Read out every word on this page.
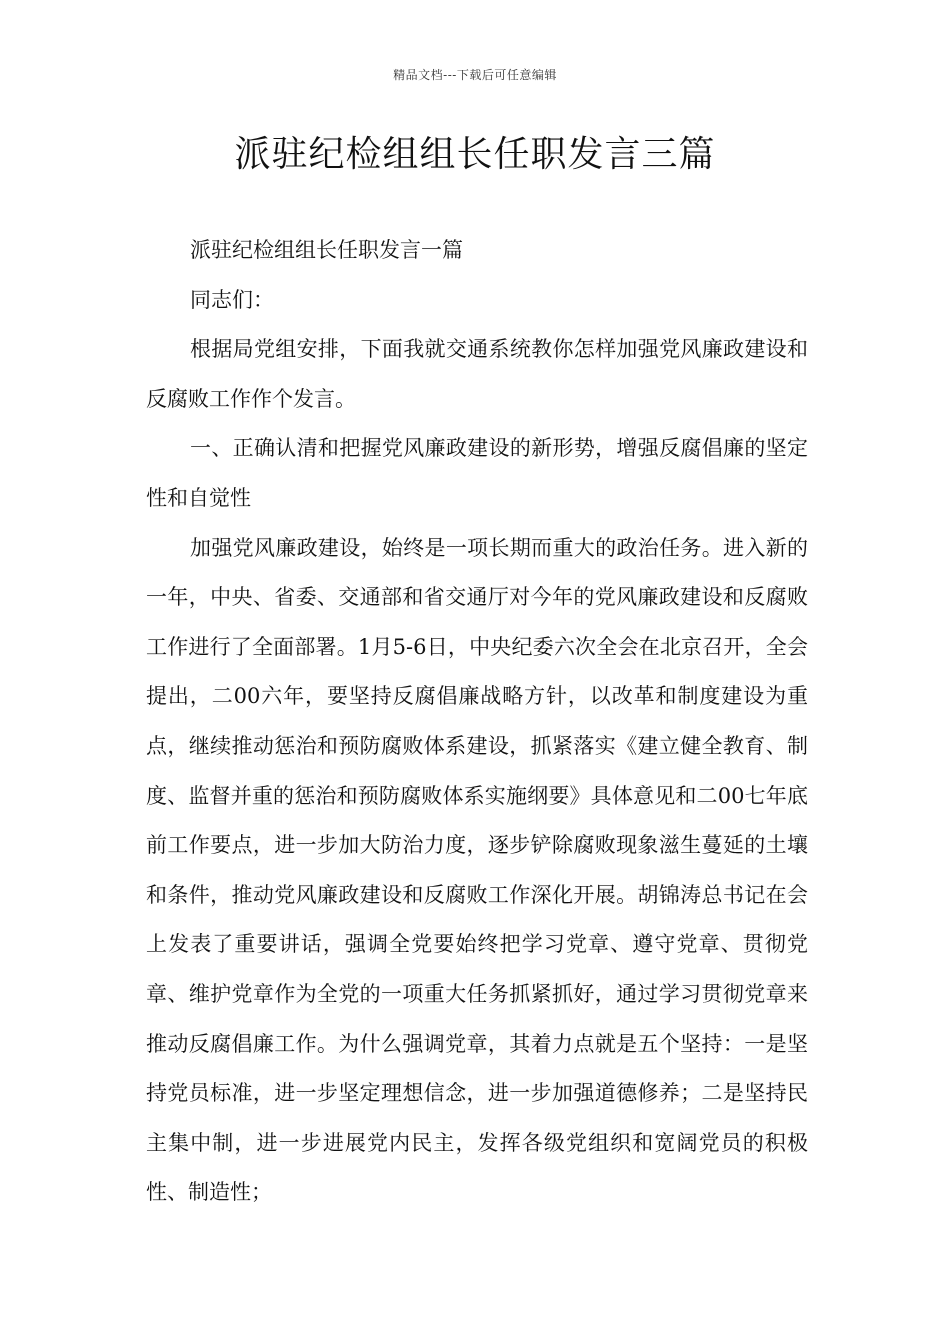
精品文档---下载后可任意编辑
派驻纪检组组长任职发言三篇

派驻纪检组组长任职发言一篇

同志们：

根据局党组安排，下面我就交通系统教你怎样加强党风廉政建设和反腐败工作作个发言。

一、正确认清和把握党风廉政建设的新形势，增强反腐倡廉的坚定性和自觉性

加强党风廉政建设，始终是一项长期而重大的政治任务。进入新的一年，中央、省委、交通部和省交通厅对今年的党风廉政建设和反腐败工作进行了全面部署。1月5-6日，中央纪委六次全会在北京召开，全会提出，二00六年，要坚持反腐倡廉战略方针，以改革和制度建设为重点，继续推动惩治和预防腐败体系建设，抓紧落实《建立健全教育、制度、监督并重的惩治和预防腐败体系实施纲要》具体意见和二00七年底前工作要点，进一步加大防治力度，逐步铲除腐败现象滋生蔓延的土壤和条件，推动党风廉政建设和反腐败工作深化开展。胡锦涛总书记在会上发表了重要讲话，强调全党要始终把学习党章、遵守党章、贯彻党章、维护党章作为全党的一项重大任务抓紧抓好，通过学习贯彻党章来推动反腐倡廉工作。为什么强调党章，其着力点就是五个坚持：一是坚持党员标准，进一步坚定理想信念，进一步加强道德修养；二是坚持民主集中制，进一步进展党内民主，发挥各级党组织和宽阔党员的积极性、制造性；
